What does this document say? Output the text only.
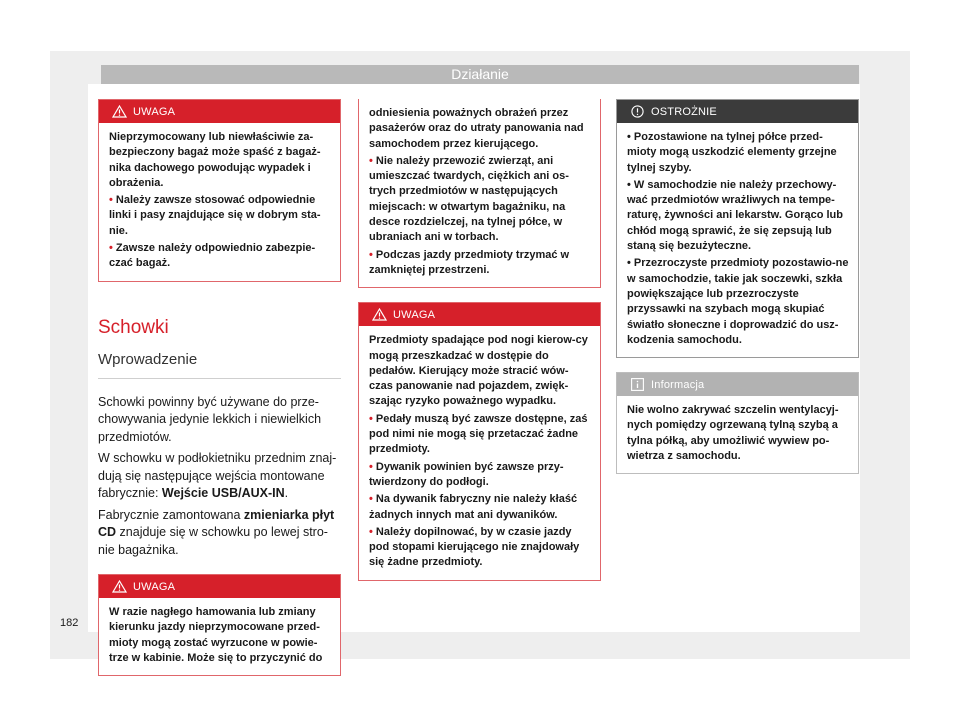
Działanie
UWAGA

Nieprzymocowany lub niewłaściwie za-bezpieczony bagaż może spaść z bagaż-nika dachowego powodując wypadek i obrażenia.

• Należy zawsze stosować odpowiednie linki i pasy znajdujące się w dobrym sta-nie.

• Zawsze należy odpowiednio zabezpie-czać bagaż.

Schowki
Wprowadzenie

Schowki powinny być używane do prze-chowywania jedynie lekkich i niewielkich przedmiotów.

W schowku w podłokietniku przednim znaj-dują się następujące wejścia montowane fabrycznie: Wejście USB/AUX-IN.

Fabrycznie zamontowana zmieniarka płyt CD znajduje się w schowku po lewej stro-nie bagażnika.

UWAGA

W razie nagłego hamowania lub zmiany kierunku jazdy nieprzymocowane przed-mioty mogą zostać wyrzucone w powie-trze w kabinie. Może się to przyczynić do

odniesienia poważnych obrażeń przez pasażerów oraz do utraty panowania nad samochodem przez kierującego.

• Nie należy przewozić zwierząt, ani umieszczać twardych, ciężkich ani os-trych przedmiotów w następujących miejscach: w otwartym bagażniku, na desce rozdzielczej, na tylnej półce, w ubraniach ani w torbach.

• Podczas jazdy przedmioty trzymać w zamkniętej przestrzeni.

UWAGA

Przedmioty spadające pod nogi kierow-cy mogą przeszkadzać w dostępie do pedałów. Kierujący może stracić wów-czas panowanie nad pojazdem, zwięk-szając ryzyko poważnego wypadku.

• Pedały muszą być zawsze dostępne, zaś pod nimi nie mogą się przetaczać żadne przedmioty.

• Dywanik powinien być zawsze przy-twierdzony do podłogi.

• Na dywanik fabryczny nie należy kłaść żadnych innych mat ani dywaników.

• Należy dopilnować, by w czasie jazdy pod stopami kierującego nie znajdowały się żadne przedmioty.

OSTROŻNIE

• Pozostawione na tylnej półce przed-mioty mogą uszkodzić elementy grzejne tylnej szyby.

• W samochodzie nie należy przechowy-wać przedmiotów wrażliwych na tempe-raturę, żywności ani lekarstw. Gorąco lub chłód mogą sprawić, że się zepsują lub staną się bezużyteczne.

• Przezroczyste przedmioty pozostawio-ne w samochodzie, takie jak soczewki, szkła powiększające lub przezroczyste przyssawki na szybach mogą skupiać światło słoneczne i doprowadzić do usz-kodzenia samochodu.

Informacja

Nie wolno zakrywać szczelin wentylacyj-nych pomiędzy ogrzewaną tylną szybą a tylna półką, aby umożliwić wywiew po-wietrza z samochodu.

182
